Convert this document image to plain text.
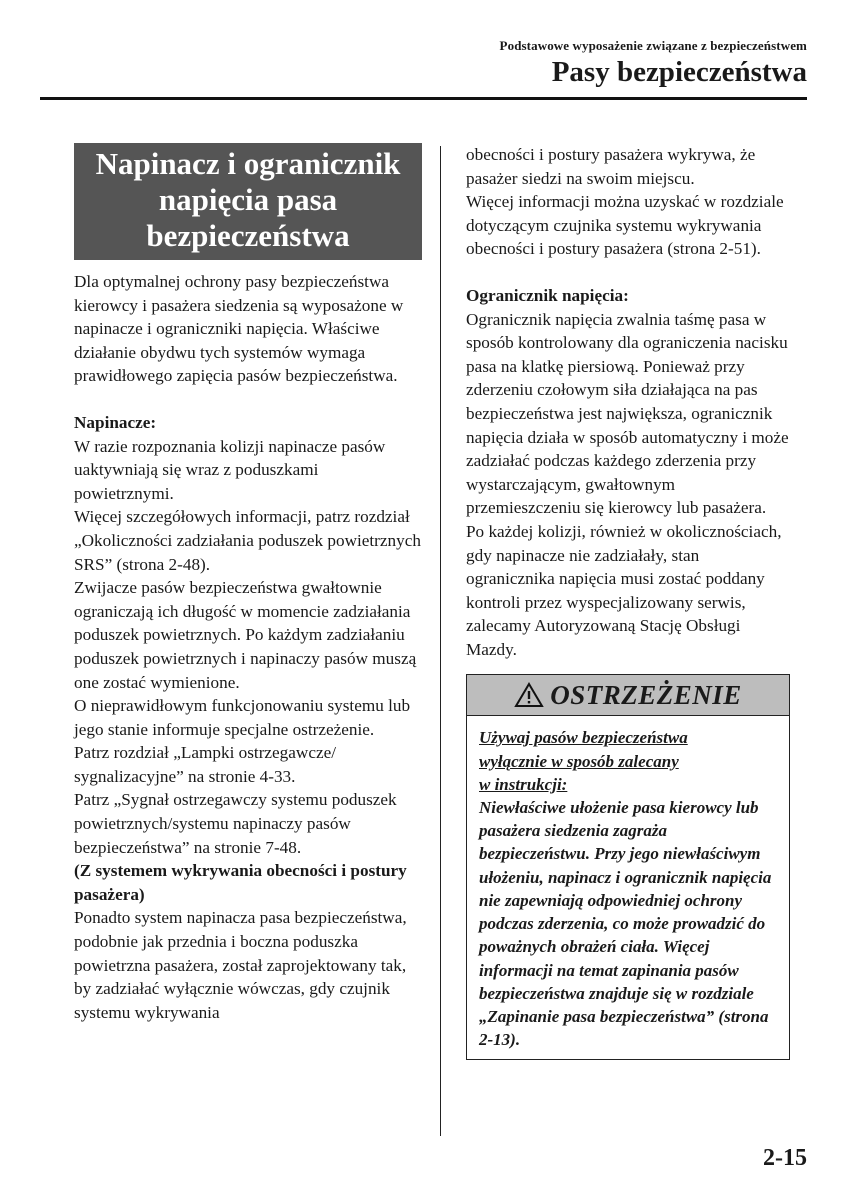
Podstawowe wyposażenie związane z bezpieczeństwem
Pasy bezpieczeństwa
Napinacz i ogranicznik
napięcia pasa
bezpieczeństwa

Dla optymalnej ochrony pasy bezpieczeństwa kierowcy i pasażera siedzenia są wyposażone w napinacze i ograniczniki napięcia. Właściwe działanie obydwu tych systemów wymaga prawidłowego zapięcia pasów bezpieczeństwa.

Napinacze:

W razie rozpoznania kolizji napinacze pasów uaktywniają się wraz z poduszkami powietrznymi.

Więcej szczegółowych informacji, patrz rozdział „Okoliczności zadziałania poduszek powietrznych SRS” (strona 2-48).

Zwijacze pasów bezpieczeństwa gwałtownie ograniczają ich długość w momencie zadziałania poduszek powietrznych. Po każdym zadziałaniu poduszek powietrznych i napinaczy pasów muszą one zostać wymienione.

O nieprawidłowym funkcjonowaniu systemu lub jego stanie informuje specjalne ostrzeżenie.

Patrz rozdział „Lampki ostrzegawcze/ sygnalizacyjne” na stronie 4-33.

Patrz „Sygnał ostrzegawczy systemu poduszek powietrznych/systemu napinaczy pasów bezpieczeństwa” na stronie 7-48.

(Z systemem wykrywania obecności i postury pasażera)

Ponadto system napinacza pasa bezpieczeństwa, podobnie jak przednia i boczna poduszka powietrzna pasażera, został zaprojektowany tak, by zadziałać wyłącznie wówczas, gdy czujnik systemu wykrywania

obecności i postury pasażera wykrywa, że pasażer siedzi na swoim miejscu.

Więcej informacji można uzyskać w rozdziale dotyczącym czujnika systemu wykrywania obecności i postury pasażera (strona 2-51).

Ogranicznik napięcia:

Ogranicznik napięcia zwalnia taśmę pasa w sposób kontrolowany dla ograniczenia nacisku pasa na klatkę piersiową. Ponieważ przy zderzeniu czołowym siła działająca na pas bezpieczeństwa jest największa, ogranicznik napięcia działa w sposób automatyczny i może zadziałać podczas każdego zderzenia przy wystarczającym, gwałtownym przemieszczeniu się kierowcy lub pasażera.

Po każdej kolizji, również w okolicznościach, gdy napinacze nie zadziałały, stan ogranicznika napięcia musi zostać poddany kontroli przez wyspecjalizowany serwis, zalecamy Autoryzowaną Stację Obsługi Mazdy.

OSTRZEŻENIE

Używaj pasów bezpieczeństwa

wyłącznie w sposób zalecany

w instrukcji:

Niewłaściwe ułożenie pasa kierowcy lub pasażera siedzenia zagraża bezpieczeństwu. Przy jego niewłaściwym ułożeniu, napinacz i ogranicznik napięcia nie zapewniają odpowiedniej ochrony podczas zderzenia, co może prowadzić do poważnych obrażeń ciała. Więcej informacji na temat zapinania pasów bezpieczeństwa znajduje się w rozdziale „Zapinanie pasa bezpieczeństwa” (strona 2-13).

2-15
